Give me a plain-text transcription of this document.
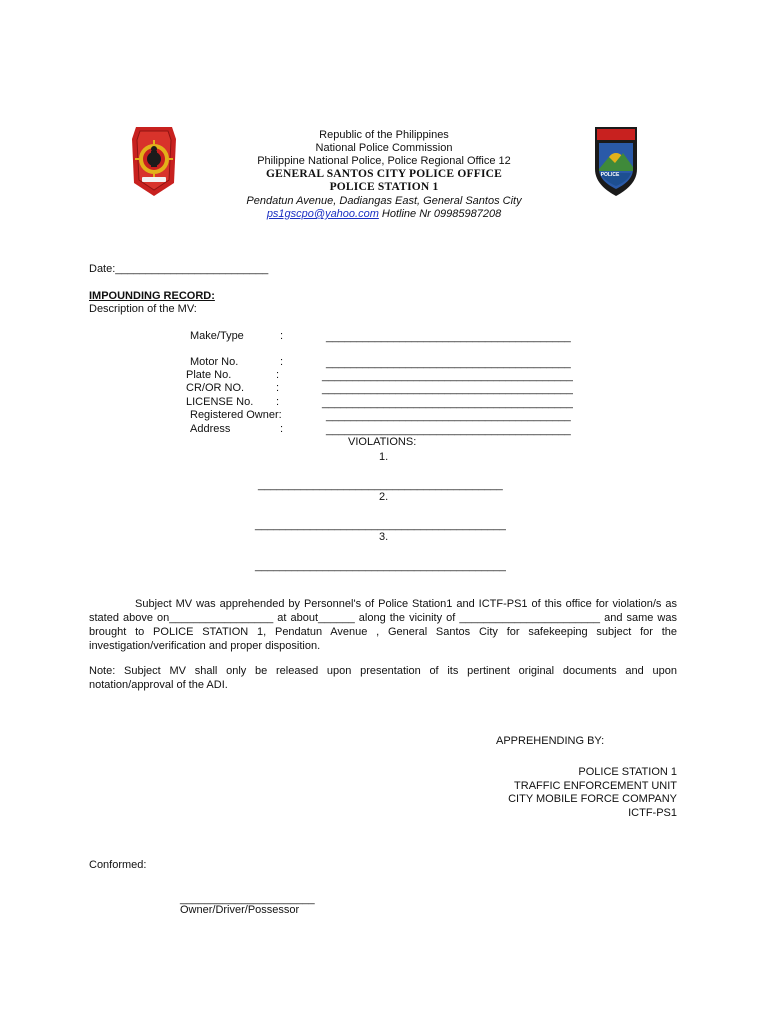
GENSAN
POLICE
Republic of the Philippines
National Police Commission
Philippine National Police, Police Regional Office 12
GENERAL SANTOS CITY POLICE OFFICE
POLICE STATION 1
Pendatun Avenue, Dadiangas East, General Santos City
ps1gscpo@yahoo.com Hotline Nr 09985987208
Date:_________________________
IMPOUNDING RECORD:
Description of the MV:
Make/Type	:	________________________________________
Motor No.	:	________________________________________
Plate No.	:	_________________________________________
CR/OR NO.	:	_________________________________________
LICENSE No. :	_________________________________________
Registered Owner:	________________________________________
Address	:	________________________________________
VIOLATIONS:
1.
________________________________________
2.
_________________________________________
3.
_________________________________________
Subject MV was apprehended by Personnel's of Police Station1 and ICTF-PS1 of this office for violation/s as stated above on_________________ at about______ along the vicinity of _______________________ and same was brought to POLICE STATION 1, Pendatun Avenue , General Santos City for safekeeping subject for the investigation/verification and proper disposition.
Note: Subject MV shall only be released upon presentation of its pertinent original documents and upon notation/approval of the ADI.
APPREHENDING BY:
POLICE STATION 1
TRAFFIC ENFORCEMENT UNIT
CITY MOBILE FORCE COMPANY
ICTF-PS1
Conformed:
______________________
Owner/Driver/Possessor
